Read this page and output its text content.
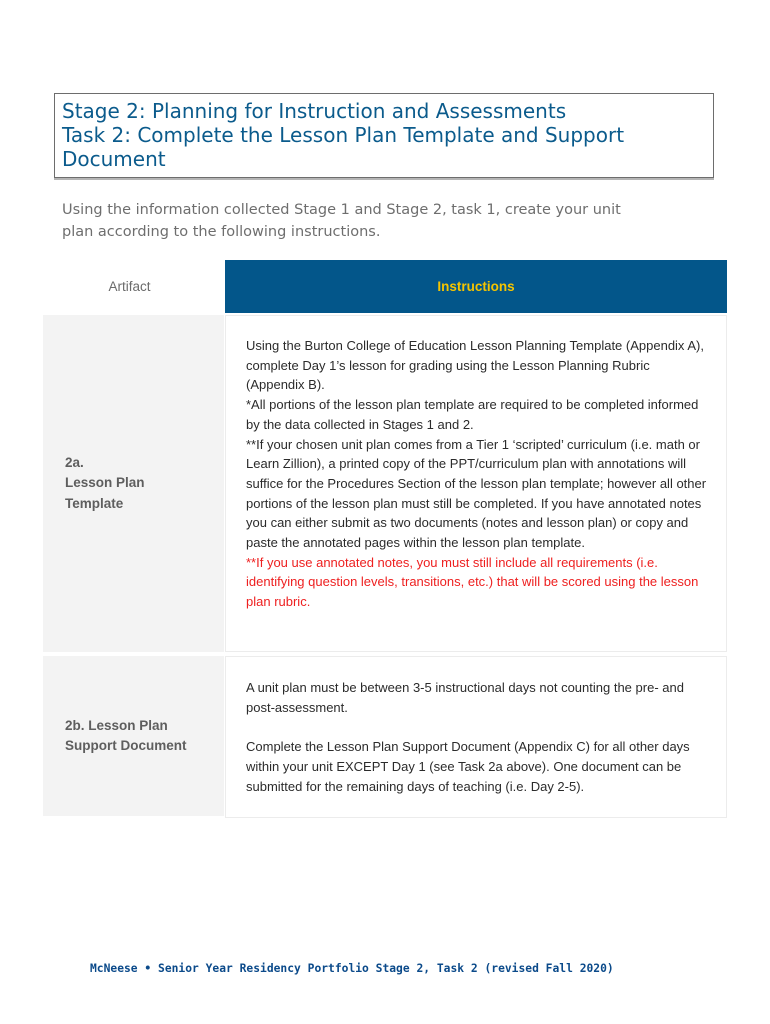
Stage 2: Planning for Instruction and Assessments
Task 2: Complete the Lesson Plan Template and Support
Document
Using the information collected Stage 1 and Stage 2, task 1, create your unit
plan according to the following instructions.
Artifact	Instructions
2a.
Lesson Plan
Template

Using the Burton College of Education Lesson Planning Template (Appendix A), complete Day 1’s lesson for grading using the Lesson Planning Rubric (Appendix B).

*All portions of the lesson plan template are required to be completed informed by the data collected in Stages 1 and 2.

**If your chosen unit plan comes from a Tier 1 ‘scripted’ curriculum (i.e. math or Learn Zillion), a printed copy of the PPT/curriculum plan with annotations will suffice for the Procedures Section of the lesson plan template; however all other portions of the lesson plan must still be completed. If you have annotated notes you can either submit as two documents (notes and lesson plan) or copy and paste the annotated pages within the lesson plan template.

**If you use annotated notes, you must still include all requirements (i.e. identifying question levels, transitions, etc.) that will be scored using the lesson plan rubric.

2b. Lesson Plan
Support Document

A unit plan must be between 3-5 instructional days not counting the pre- and post-assessment.

Complete the Lesson Plan Support Document (Appendix C) for all other days within your unit EXCEPT Day 1 (see Task 2a above). One document can be submitted for the remaining days of teaching (i.e. Day 2-5).

McNeese • Senior Year Residency Portfolio Stage 2, Task 2 (revised Fall 2020)
